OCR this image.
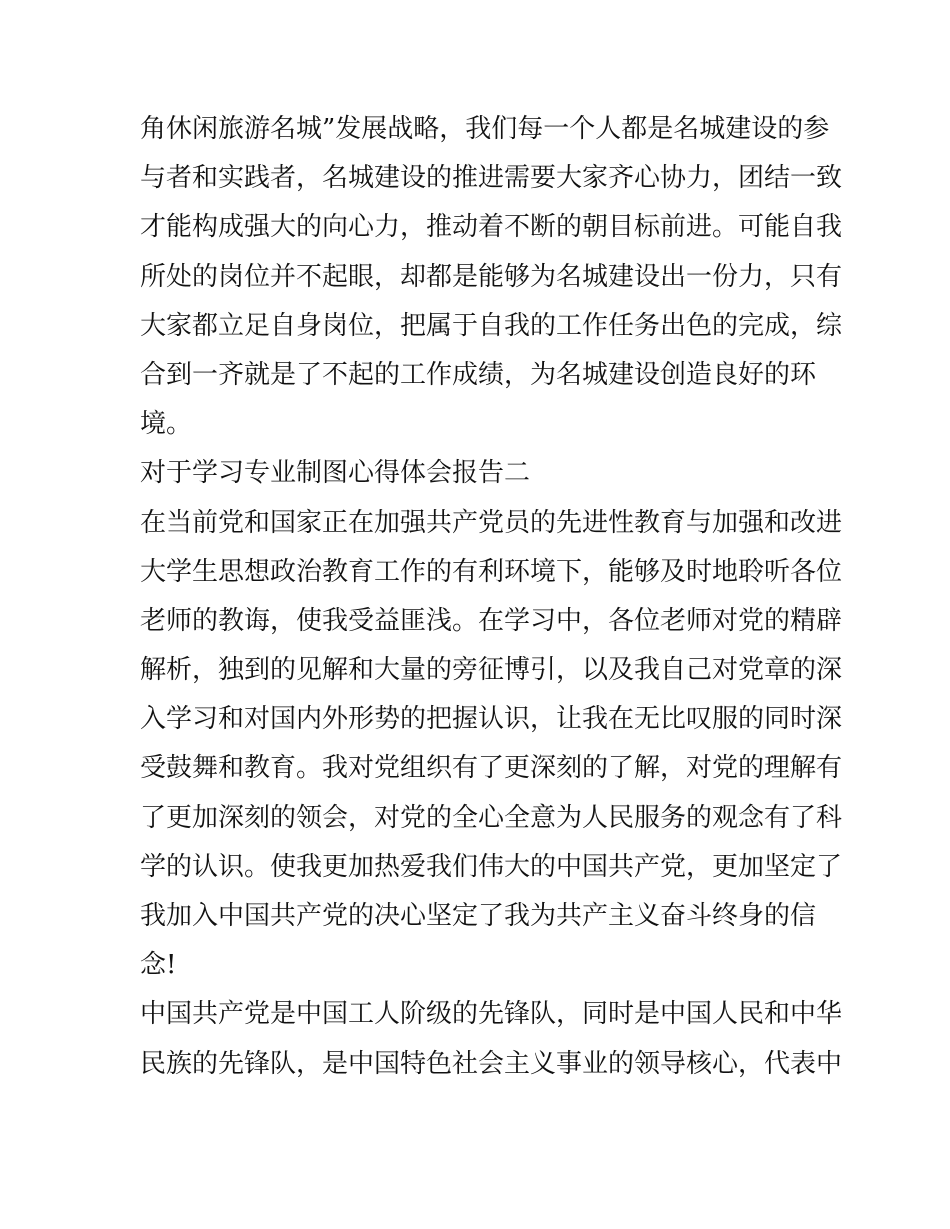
角休闲旅游名城”发展战略，我们每一个人都是名城建设的参
与者和实践者，名城建设的推进需要大家齐心协力，团结一致
才能构成强大的向心力，推动着不断的朝目标前进。可能自我
所处的岗位并不起眼，却都是能够为名城建设出一份力，只有
大家都立足自身岗位，把属于自我的工作任务出色的完成，综
合到一齐就是了不起的工作成绩，为名城建设创造良好的环
境。
对于学习专业制图心得体会报告二
在当前党和国家正在加强共产党员的先进性教育与加强和改进
大学生思想政治教育工作的有利环境下，能够及时地聆听各位
老师的教诲，使我受益匪浅。在学习中，各位老师对党的精辟
解析，独到的见解和大量的旁征博引，以及我自己对党章的深
入学习和对国内外形势的把握认识，让我在无比叹服的同时深
受鼓舞和教育。我对党组织有了更深刻的了解，对党的理解有
了更加深刻的领会，对党的全心全意为人民服务的观念有了科
学的认识。使我更加热爱我们伟大的中国共产党，更加坚定了
我加入中国共产党的决心坚定了我为共产主义奋斗终身的信
念!
中国共产党是中国工人阶级的先锋队，同时是中国人民和中华
民族的先锋队，是中国特色社会主义事业的领导核心，代表中
